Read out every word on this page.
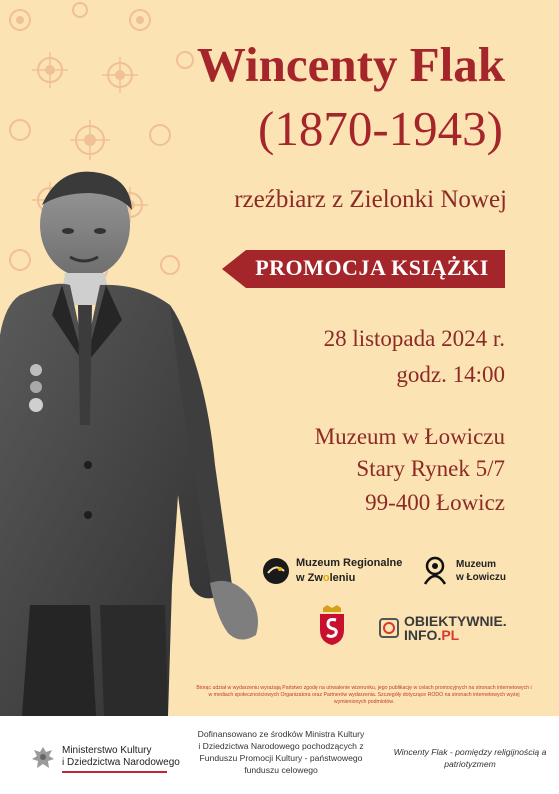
Wincenty Flak
(1870-1943)
rzeźbiarz z Zielonki Nowej
PROMOCJA KSIĄŻKI
28 listopada 2024 r.
godz. 14:00
Muzeum w Łowiczu
Stary Rynek 5/7
99-400 Łowicz
Muzeum Regionalne
w Zwoleniu
Muzeum
w Łowiczu
OBIEKTYWNIE.
INFO.PL
Biorąc udział w wydarzeniu wyrażają Państwo zgodę na utrwalenie wizerunku, jego publikację w celach promocyjnych na stronach internetowych i w mediach społecznościowych Organizatora oraz Partnerów wydarzenia. Szczegóły dotyczące RODO na stronach internetowych wyżej wymienionych podmiotów.
Ministerstwo Kultury
i Dziedzictwa Narodowego
Dofinansowano ze środków Ministra Kultury i Dziedzictwa Narodowego pochodzących z Funduszu Promocji Kultury - państwowego funduszu celowego
Wincenty Flak - pomiędzy religijnością a patriotyzmem
